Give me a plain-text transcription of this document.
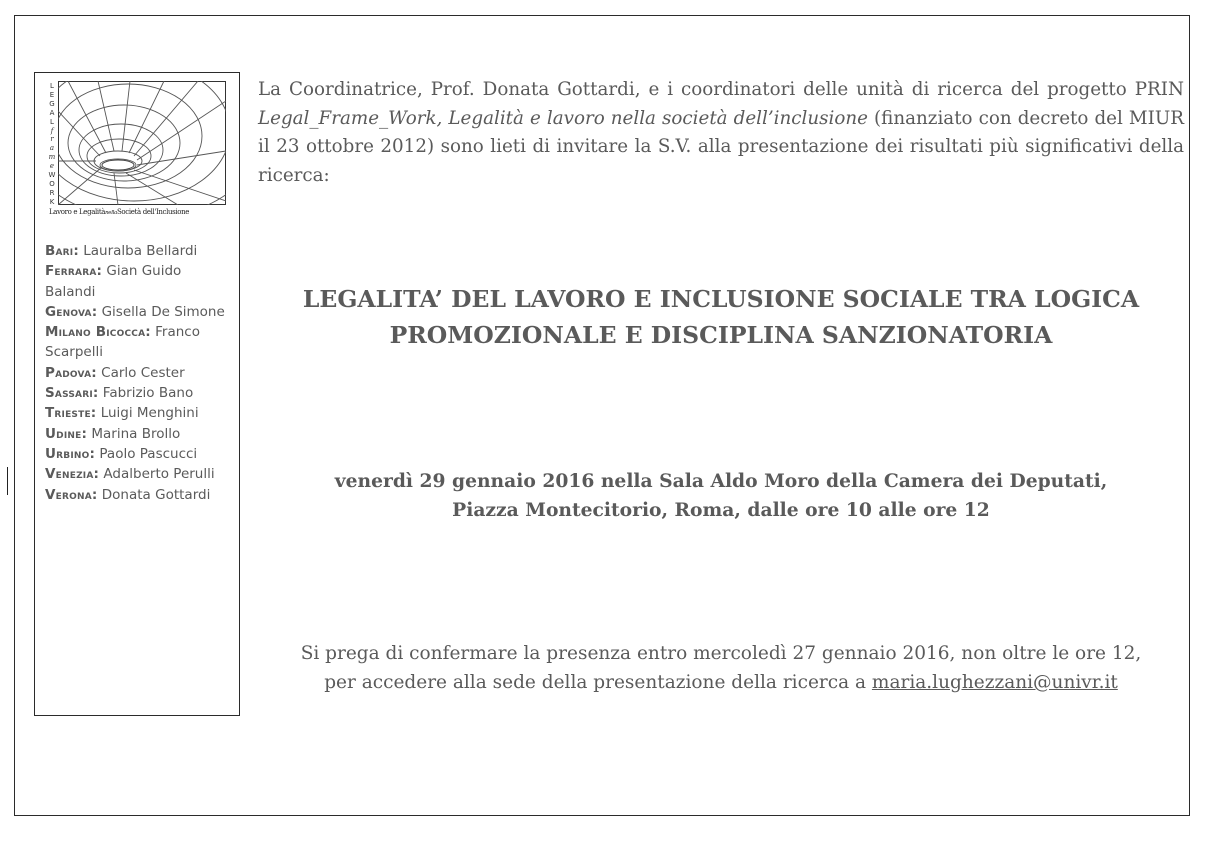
L
E
G
A
L
f
r
a
m
e
W
O
R
K
Lavoro e LegalitànellaSocietà dell'Inclusione
Bari: Lauralba Bellardi
Ferrara: Gian Guido Balandi
Genova: Gisella De Simone
Milano Bicocca: Franco Scarpelli
Padova: Carlo Cester
Sassari: Fabrizio Bano
Trieste: Luigi Menghini
Udine: Marina Brollo
Urbino: Paolo Pascucci
Venezia: Adalberto Perulli
Verona: Donata Gottardi
La Coordinatrice, Prof. Donata Gottardi, e i coordinatori delle unità di ricerca del progetto PRIN Legal_Frame_Work, Legalità e lavoro nella società dell’inclusione (finanziato con decreto del MIUR il 23 ottobre 2012) sono lieti di invitare la S.V. alla presentazione dei risultati più significativi della ricerca:
LEGALITA’ DEL LAVORO E INCLUSIONE SOCIALE TRA LOGICA
PROMOZIONALE E DISCIPLINA SANZIONATORIA
venerdì 29 gennaio 2016 nella Sala Aldo Moro della Camera dei Deputati,
Piazza Montecitorio, Roma, dalle ore 10 alle ore 12
Si prega di confermare la presenza entro mercoledì 27 gennaio 2016, non oltre le ore 12,
per accedere alla sede della presentazione della ricerca a maria.lughezzani@univr.it
